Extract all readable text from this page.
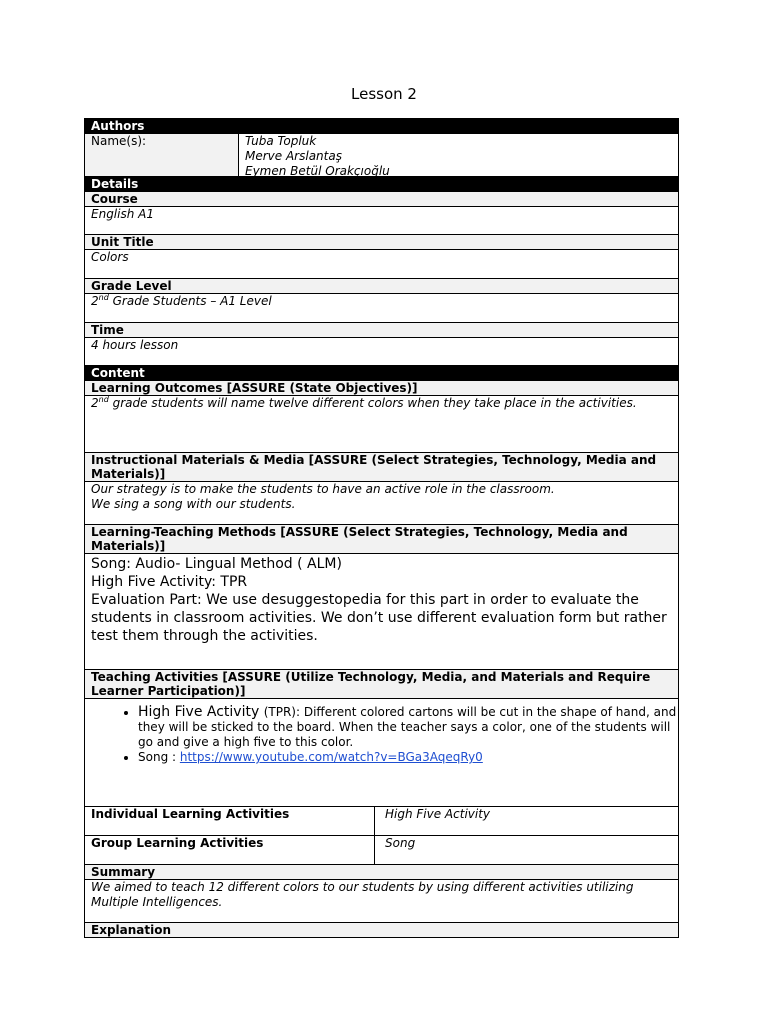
Lesson 2
Authors
Name(s):	Tuba Topluk
Merve Arslantaş
Eymen Betül Orakçıoğlu
Details
Course
English A1
Unit Title
Colors
Grade Level
2nd Grade Students – A1 Level
Time
4 hours lesson
Content
Learning Outcomes [ASSURE (State Objectives)]
2nd grade students will name twelve different colors when they take place in the activities.
Instructional Materials & Media [ASSURE (Select Strategies, Technology, Media and Materials)]
Our strategy is to make the students to have an active role in the classroom.
We sing a song with our students.
Learning-Teaching Methods [ASSURE (Select Strategies, Technology, Media and Materials)]
Song: Audio- Lingual Method ( ALM)
High Five Activity: TPR
Evaluation Part: We use desuggestopedia for this part in order to evaluate the students in classroom activities. We don’t use different evaluation form but rather test them through the activities.
Teaching Activities [ASSURE (Utilize Technology, Media, and Materials and Require Learner Participation)]
• High Five Activity (TPR): Different colored cartons will be cut in the shape of hand, and they will be sticked to the board. When the teacher says a color, one of the students will go and give a high five to this color.
• Song : https://www.youtube.com/watch?v=BGa3AqeqRy0
Individual Learning Activities	High Five Activity
Group Learning Activities	Song
Summary
We aimed to teach 12 different colors to our students by using different activities utilizing Multiple Intelligences.
Explanation
